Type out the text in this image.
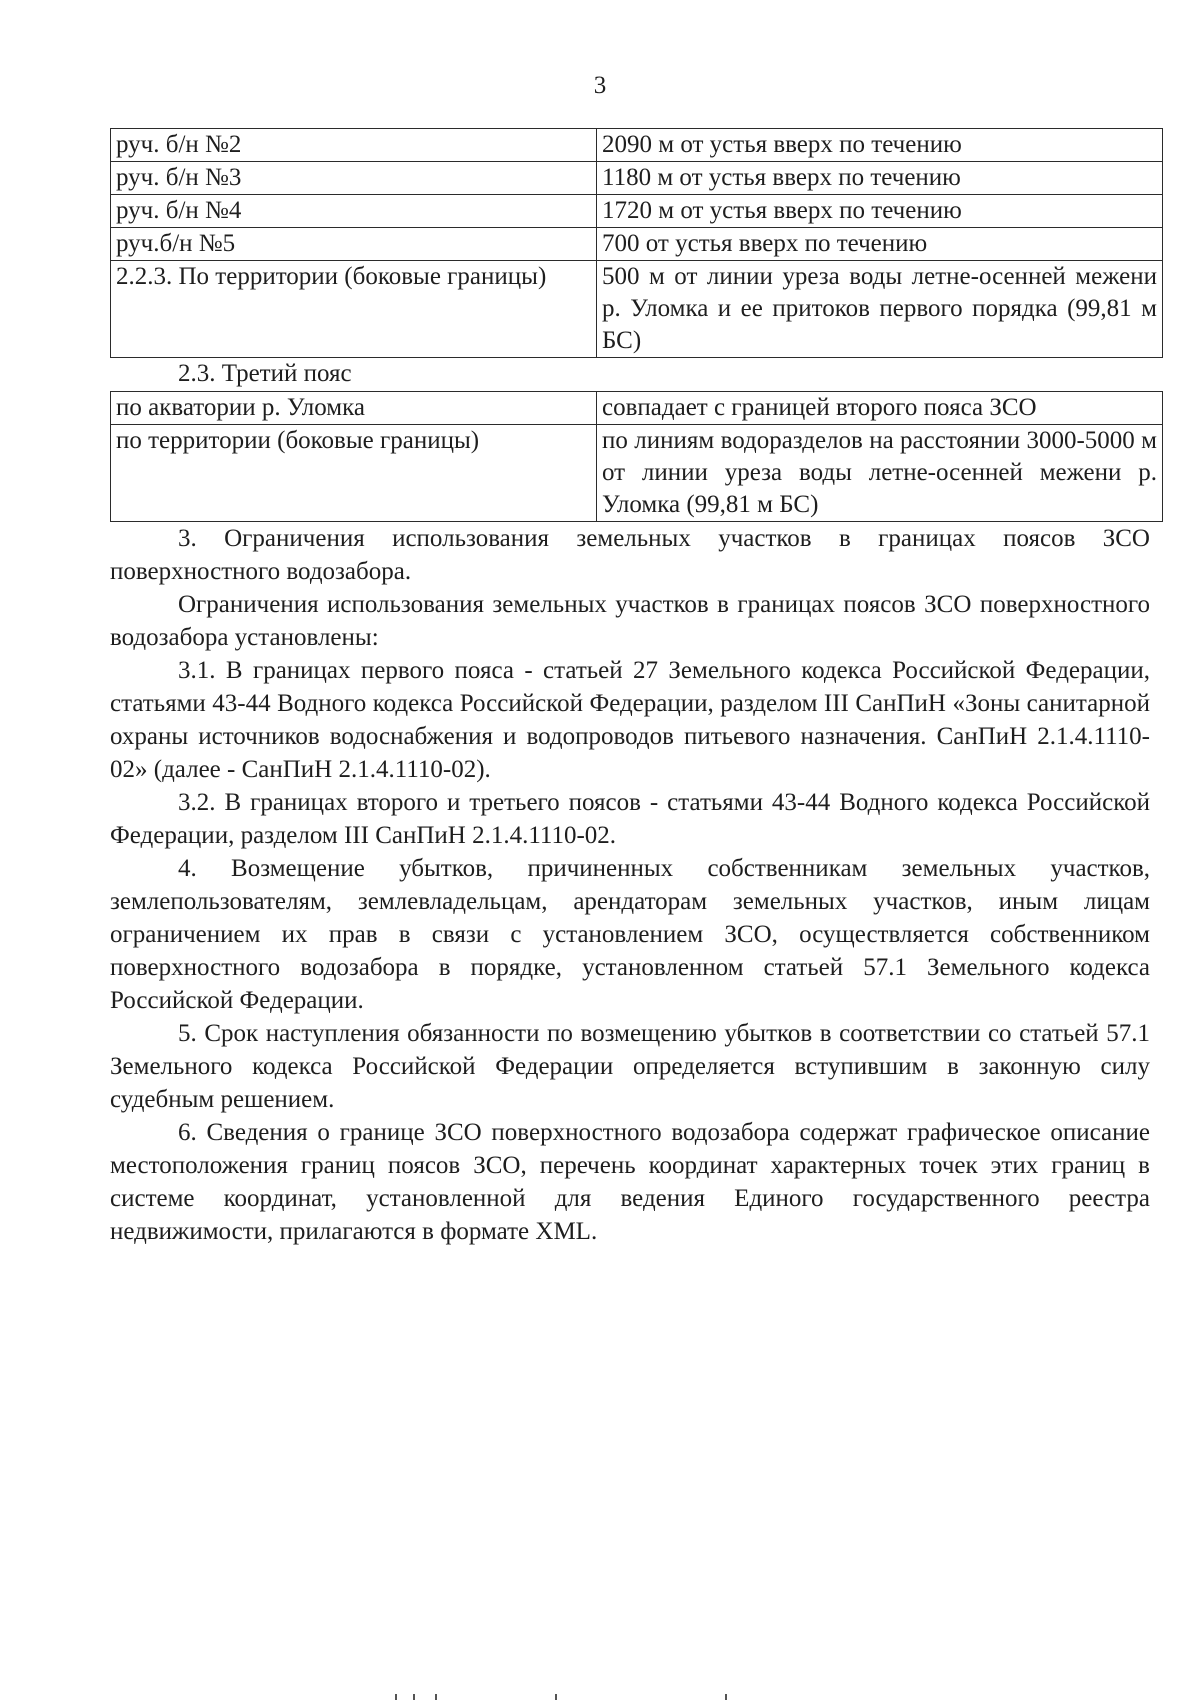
3
руч. б/н №2	2090 м от устья вверх по течению
руч. б/н №3	1180 м от устья вверх по течению
руч. б/н №4	1720 м от устья вверх по течению
руч.б/н №5	700 от устья вверх по течению
2.2.3. По территории (боковые границы)	500 м от линии уреза воды летне-осенней межени р. Уломка и ее притоков первого порядка (99,81 м БС)
2.3. Третий пояс
по акватории р. Уломка	совпадает с границей второго пояса ЗСО
по территории (боковые границы)	по линиям водоразделов на расстоянии 3000-5000 м от линии уреза воды летне-осенней межени р. Уломка (99,81 м БС)

3. Ограничения использования земельных участков в границах поясов ЗСО поверхностного водозабора.

Ограничения использования земельных участков в границах поясов ЗСО поверхностного водозабора установлены:

3.1. В границах первого пояса - статьей 27 Земельного кодекса Российской Федерации, статьями 43-44 Водного кодекса Российской Федерации, разделом III СанПиН «Зоны санитарной охраны источников водоснабжения и водопроводов питьевого назначения. СанПиН 2.1.4.1110-02» (далее - СанПиН 2.1.4.1110-02).

3.2. В границах второго и третьего поясов - статьями 43-44 Водного кодекса Российской Федерации, разделом III СанПиН 2.1.4.1110-02.

4. Возмещение убытков, причиненных собственникам земельных участков, землепользователям, землевладельцам, арендаторам земельных участков, иным лицам ограничением их прав в связи с установлением ЗСО, осуществляется собственником поверхностного водозабора в порядке, установленном статьей 57.1 Земельного кодекса Российской Федерации.

5. Срок наступления обязанности по возмещению убытков в соответствии со статьей 57.1 Земельного кодекса Российской Федерации определяется вступившим в законную силу судебным решением.

6. Сведения о границе ЗСО поверхностного водозабора содержат графическое описание местоположения границ поясов ЗСО, перечень координат характерных точек этих границ в системе координат, установленной для ведения Единого государственного реестра недвижимости, прилагаются в формате XML.
